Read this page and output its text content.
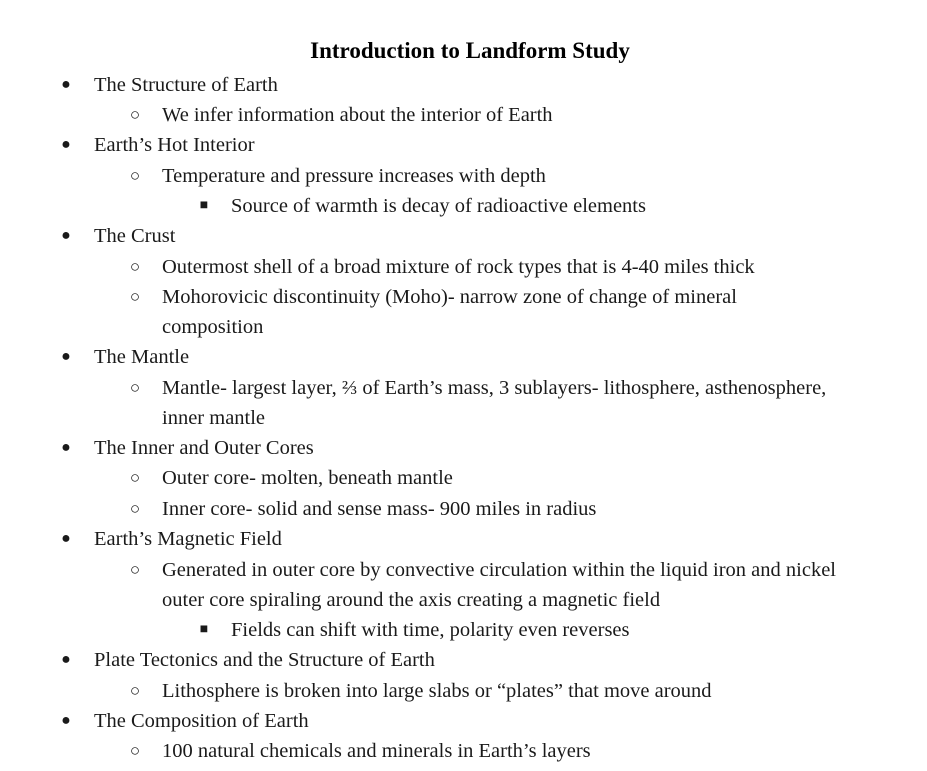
Introduction to Landform Study
● The Structure of Earth
○ We infer information about the interior of Earth
● Earth’s Hot Interior
○ Temperature and pressure increases with depth
■ Source of warmth is decay of radioactive elements
● The Crust
○ Outermost shell of a broad mixture of rock types that is 4-40 miles thick
○ Mohorovicic discontinuity (Moho)- narrow zone of change of mineral
composition
● The Mantle
○ Mantle- largest layer, ⅔ of Earth’s mass, 3 sublayers- lithosphere, asthenosphere,
inner mantle
● The Inner and Outer Cores
○ Outer core- molten, beneath mantle
○ Inner core- solid and sense mass- 900 miles in radius
● Earth’s Magnetic Field
○ Generated in outer core by convective circulation within the liquid iron and nickel
outer core spiraling around the axis creating a magnetic field
■ Fields can shift with time, polarity even reverses
● Plate Tectonics and the Structure of Earth
○ Lithosphere is broken into large slabs or “plates” that move around
● The Composition of Earth
○ 100 natural chemicals and minerals in Earth’s layers
